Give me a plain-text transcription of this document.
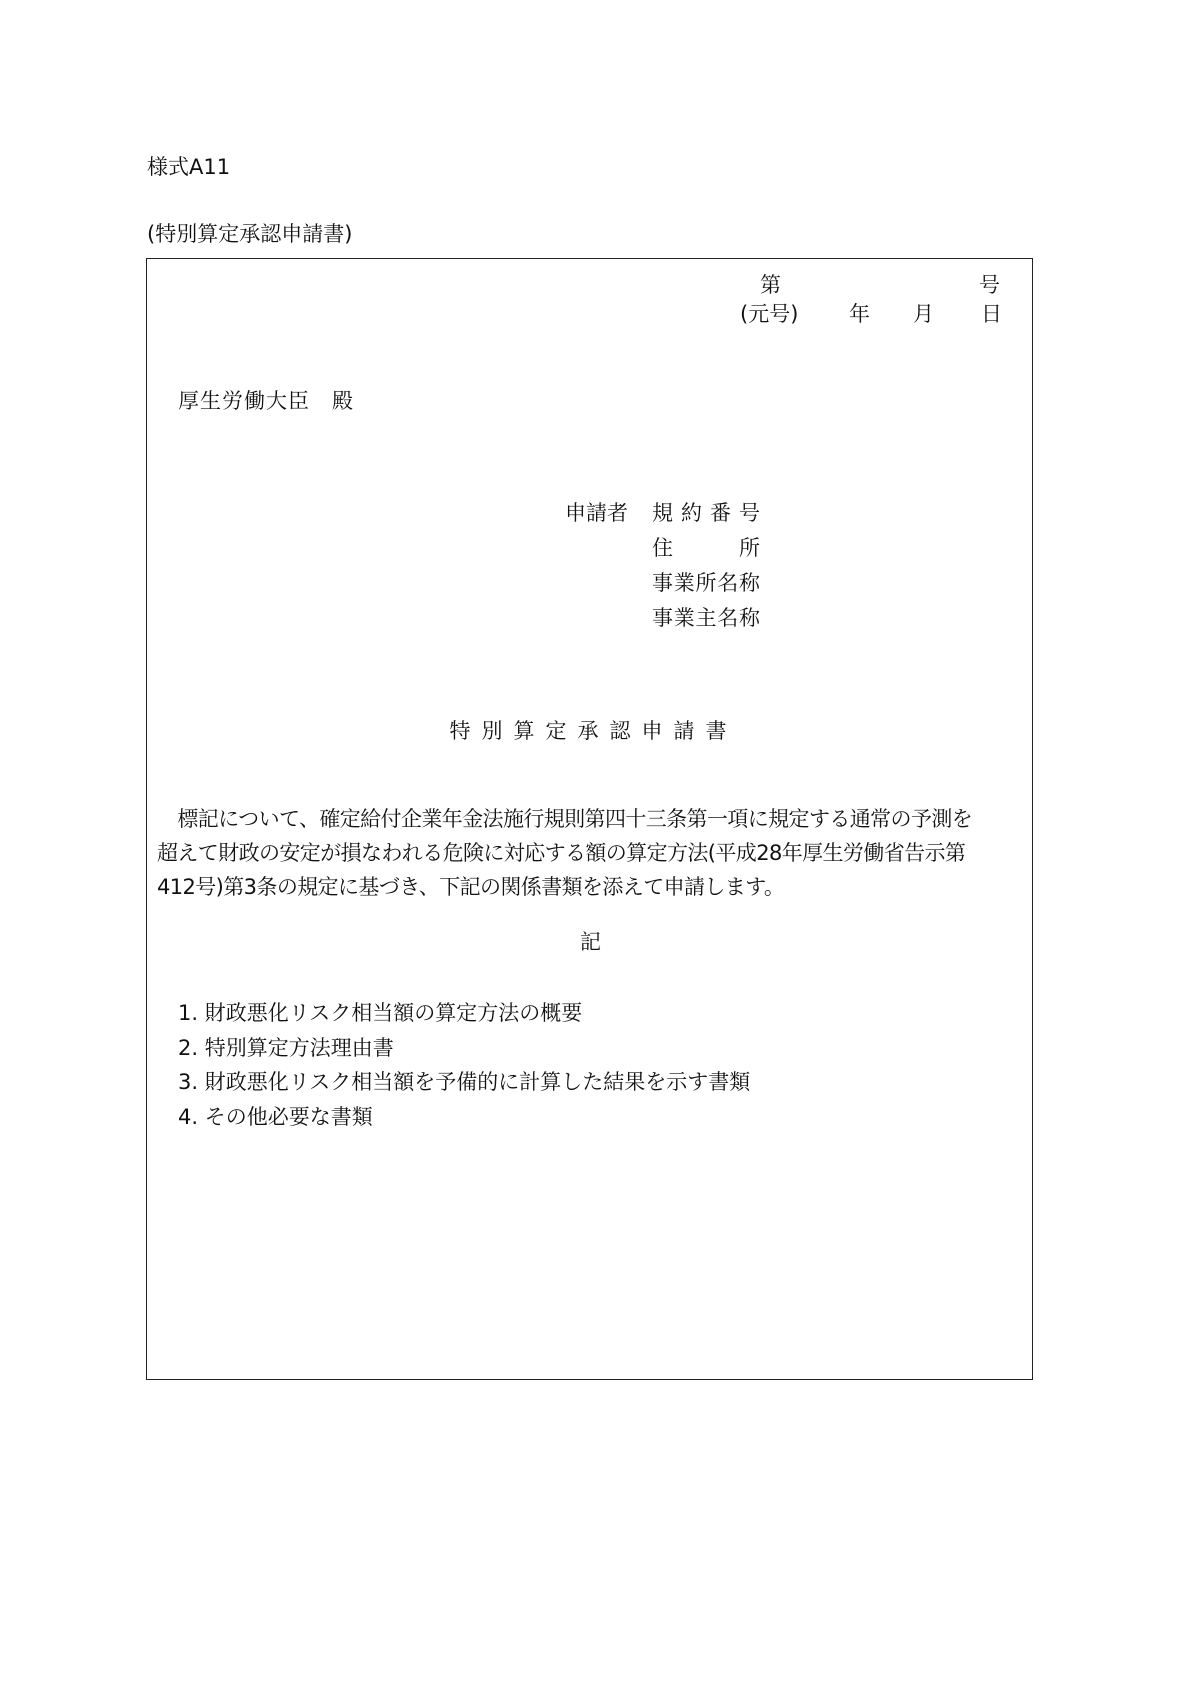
様式A11
(特別算定承認申請書)
第	号
(元号) 年 月 日
厚生労働大臣　殿
申請者 規約番号
住所
事業所名称
事業主名称
特別算定承認申請書
　標記について、確定給付企業年金法施行規則第四十三条第一項に規定する通常の予測を
超えて財政の安定が損なわれる危険に対応する額の算定方法(平成28年厚生労働省告示第
412号)第3条の規定に基づき、下記の関係書類を添えて申請します。
記
1. 財政悪化リスク相当額の算定方法の概要
2. 特別算定方法理由書
3. 財政悪化リスク相当額を予備的に計算した結果を示す書類
4. その他必要な書類
